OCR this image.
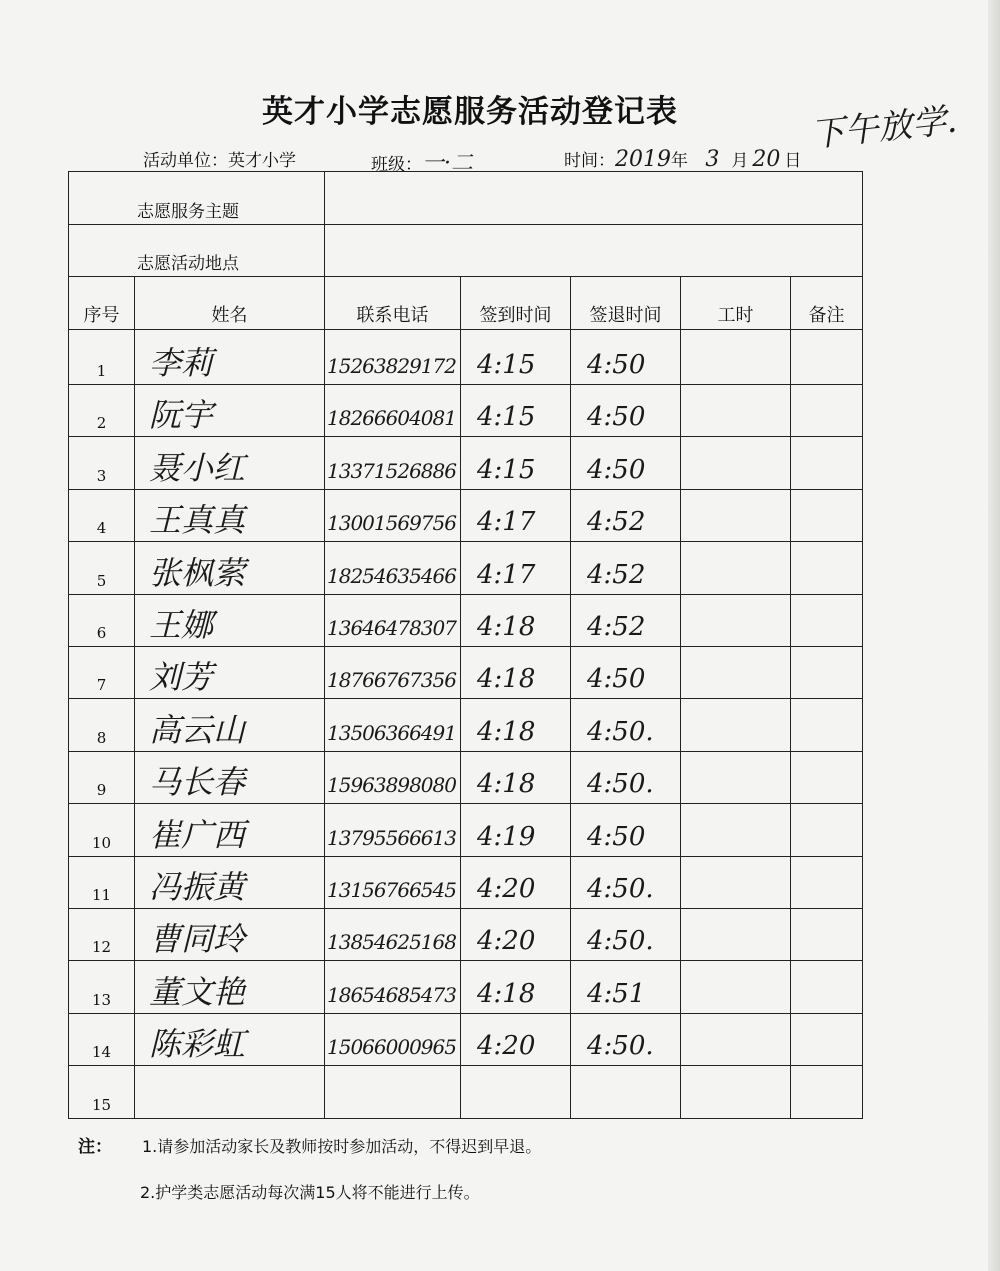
英才小学志愿服务活动登记表	下午放学.
活动单位：英才小学	班级：一·二	时间：2019年 3 月 20 日
志愿服务主题						
志愿活动地点						
序号	姓名	联系电话	签到时间	签退时间	工时	备注
1	李莉	15263829172	4:15	4:50		
2	阮宇	18266604081	4:15	4:50		
3	聂小红	13371526886	4:15	4:50		
4	王真真	13001569756	4:17	4:52		
5	张枫萦	18254635466	4:17	4:52		
6	王娜	13646478307	4:18	4:52		
7	刘芳	18766767356	4:18	4:50		
8	高云山	13506366491	4:18	4:50.		
9	马长春	15963898080	4:18	4:50.		
10	崔广西	13795566613	4:19	4:50		
11	冯振黄	13156766545	4:20	4:50.		
12	曹同玲	13854625168	4:20	4:50.		
13	董文艳	18654685473	4:18	4:51		
14	陈彩虹	15066000965	4:20	4:50.		
15						
注： 1.请参加活动家长及教师按时参加活动，不得迟到早退。
2.护学类志愿活动每次满15人将不能进行上传。
